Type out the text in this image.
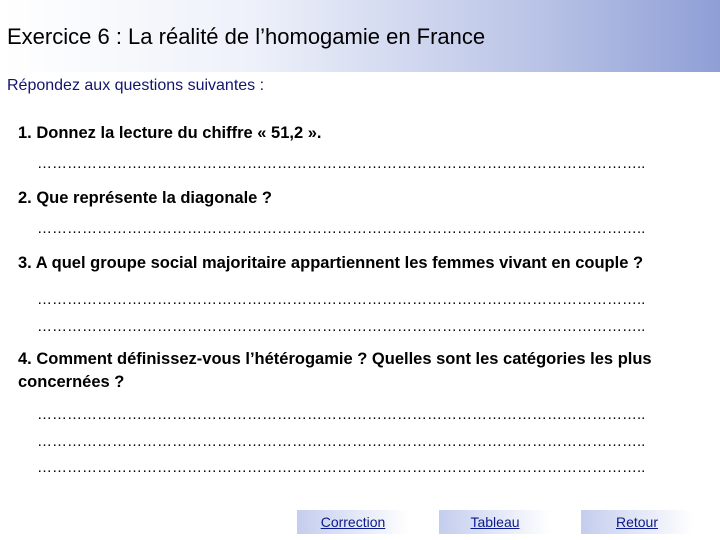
Exercice 6 : La réalité de l’homogamie en France
Répondez aux questions suivantes :
1. Donnez la lecture du chiffre « 51,2 ».
…………………………………………………………………………………………………………..
2. Que représente la diagonale ?
…………………………………………………………………………………………………………..
3. A quel groupe social majoritaire appartiennent les femmes vivant en couple ?
…………………………………………………………………………………………………………..
…………………………………………………………………………………………………………..
4. Comment définissez-vous l’hétérogamie ? Quelles sont les catégories les plus concernées ?
…………………………………………………………………………………………………………..
…………………………………………………………………………………………………………..
…………………………………………………………………………………………………………..
Correction	Tableau	Retour
